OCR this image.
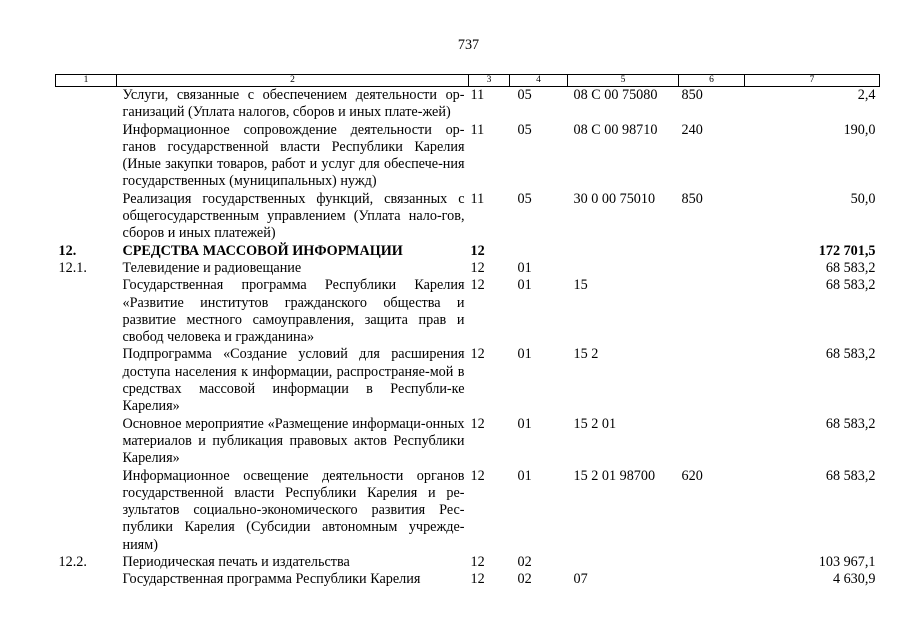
737
1	2	3	4	5	6	7
	Услуги, связанные с обеспечением деятельности ор-ганизаций (Уплата налогов, сборов и иных плате-жей)	11	05	08 С 00 75080	850	2,4
	Информационное сопровождение деятельности ор-ганов государственной власти Республики Карелия (Иные закупки товаров, работ и услуг для обеспече-ния государственных (муниципальных) нужд)	11	05	08 С 00 98710	240	190,0
	Реализация государственных функций, связанных с общегосударственным управлением (Уплата нало-гов, сборов и иных платежей)	11	05	30 0 00 75010	850	50,0
12.	СРЕДСТВА МАССОВОЙ ИНФОРМАЦИИ	12				172 701,5
12.1.	Телевидение и радиовещание	12	01			68 583,2
	Государственная программа Республики Карелия «Развитие институтов гражданского общества и развитие местного самоуправления, защита прав и свобод человека и гражданина»	12	01	15		68 583,2
	Подпрограмма «Создание условий для расширения доступа населения к информации, распространяе-мой в средствах массовой информации в Республи-ке Карелия»	12	01	15 2		68 583,2
	Основное мероприятие «Размещение информаци-онных материалов и публикация правовых актов Республики Карелия»	12	01	15 2 01		68 583,2
	Информационное освещение деятельности органов государственной власти Республики Карелия и ре-зультатов социально-экономического развития Рес-публики Карелия (Субсидии автономным учрежде-ниям)	12	01	15 2 01 98700	620	68 583,2
12.2.	Периодическая печать и издательства	12	02			103 967,1
	Государственная программа Республики Карелия	12	02	07		4 630,9
